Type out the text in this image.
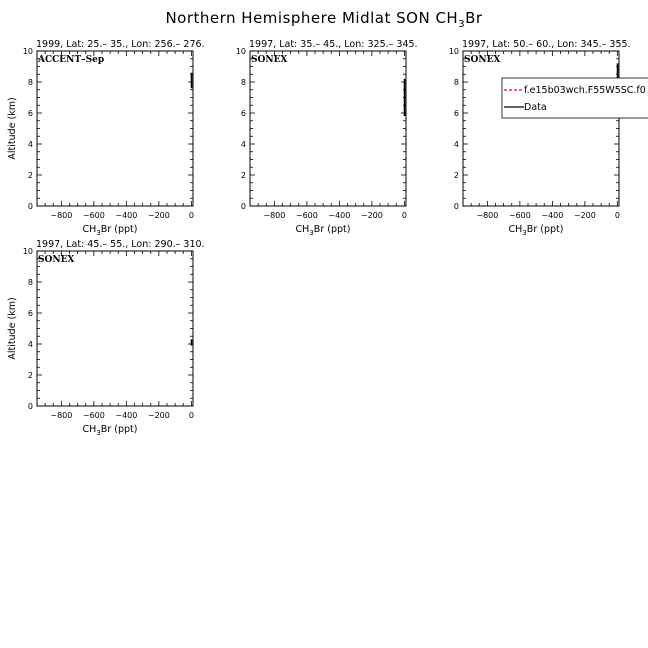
Northern Hemisphere Midlat SON $CH_3Br$
1999, Lat: 25.– 35., Lon: 256.– 276.
−800 −600 −400 −200 0
0
2
4
6
8
10
$CH_3Br$ (ppt)
Altitude (km)
ACCENT–Sep
1997, Lat: 35.– 45., Lon: 325.– 345.
−800 −600 −400 −200 0
0
2
4
6
8
10
$CH_3Br$ (ppt)
SONEX
1997, Lat: 50.– 60., Lon: 345.– 355.
−800 −600 −400 −200 0
0
2
4
6
8
10
$CH_3Br$ (ppt)
SONEX
f.e15b03wch.F55W5SC.f0
Data
1997, Lat: 45.– 55., Lon: 290.– 310.
−800 −600 −400 −200 0
0
2
4
6
8
10
$CH_3Br$ (ppt)
Altitude (km)
SONEX
